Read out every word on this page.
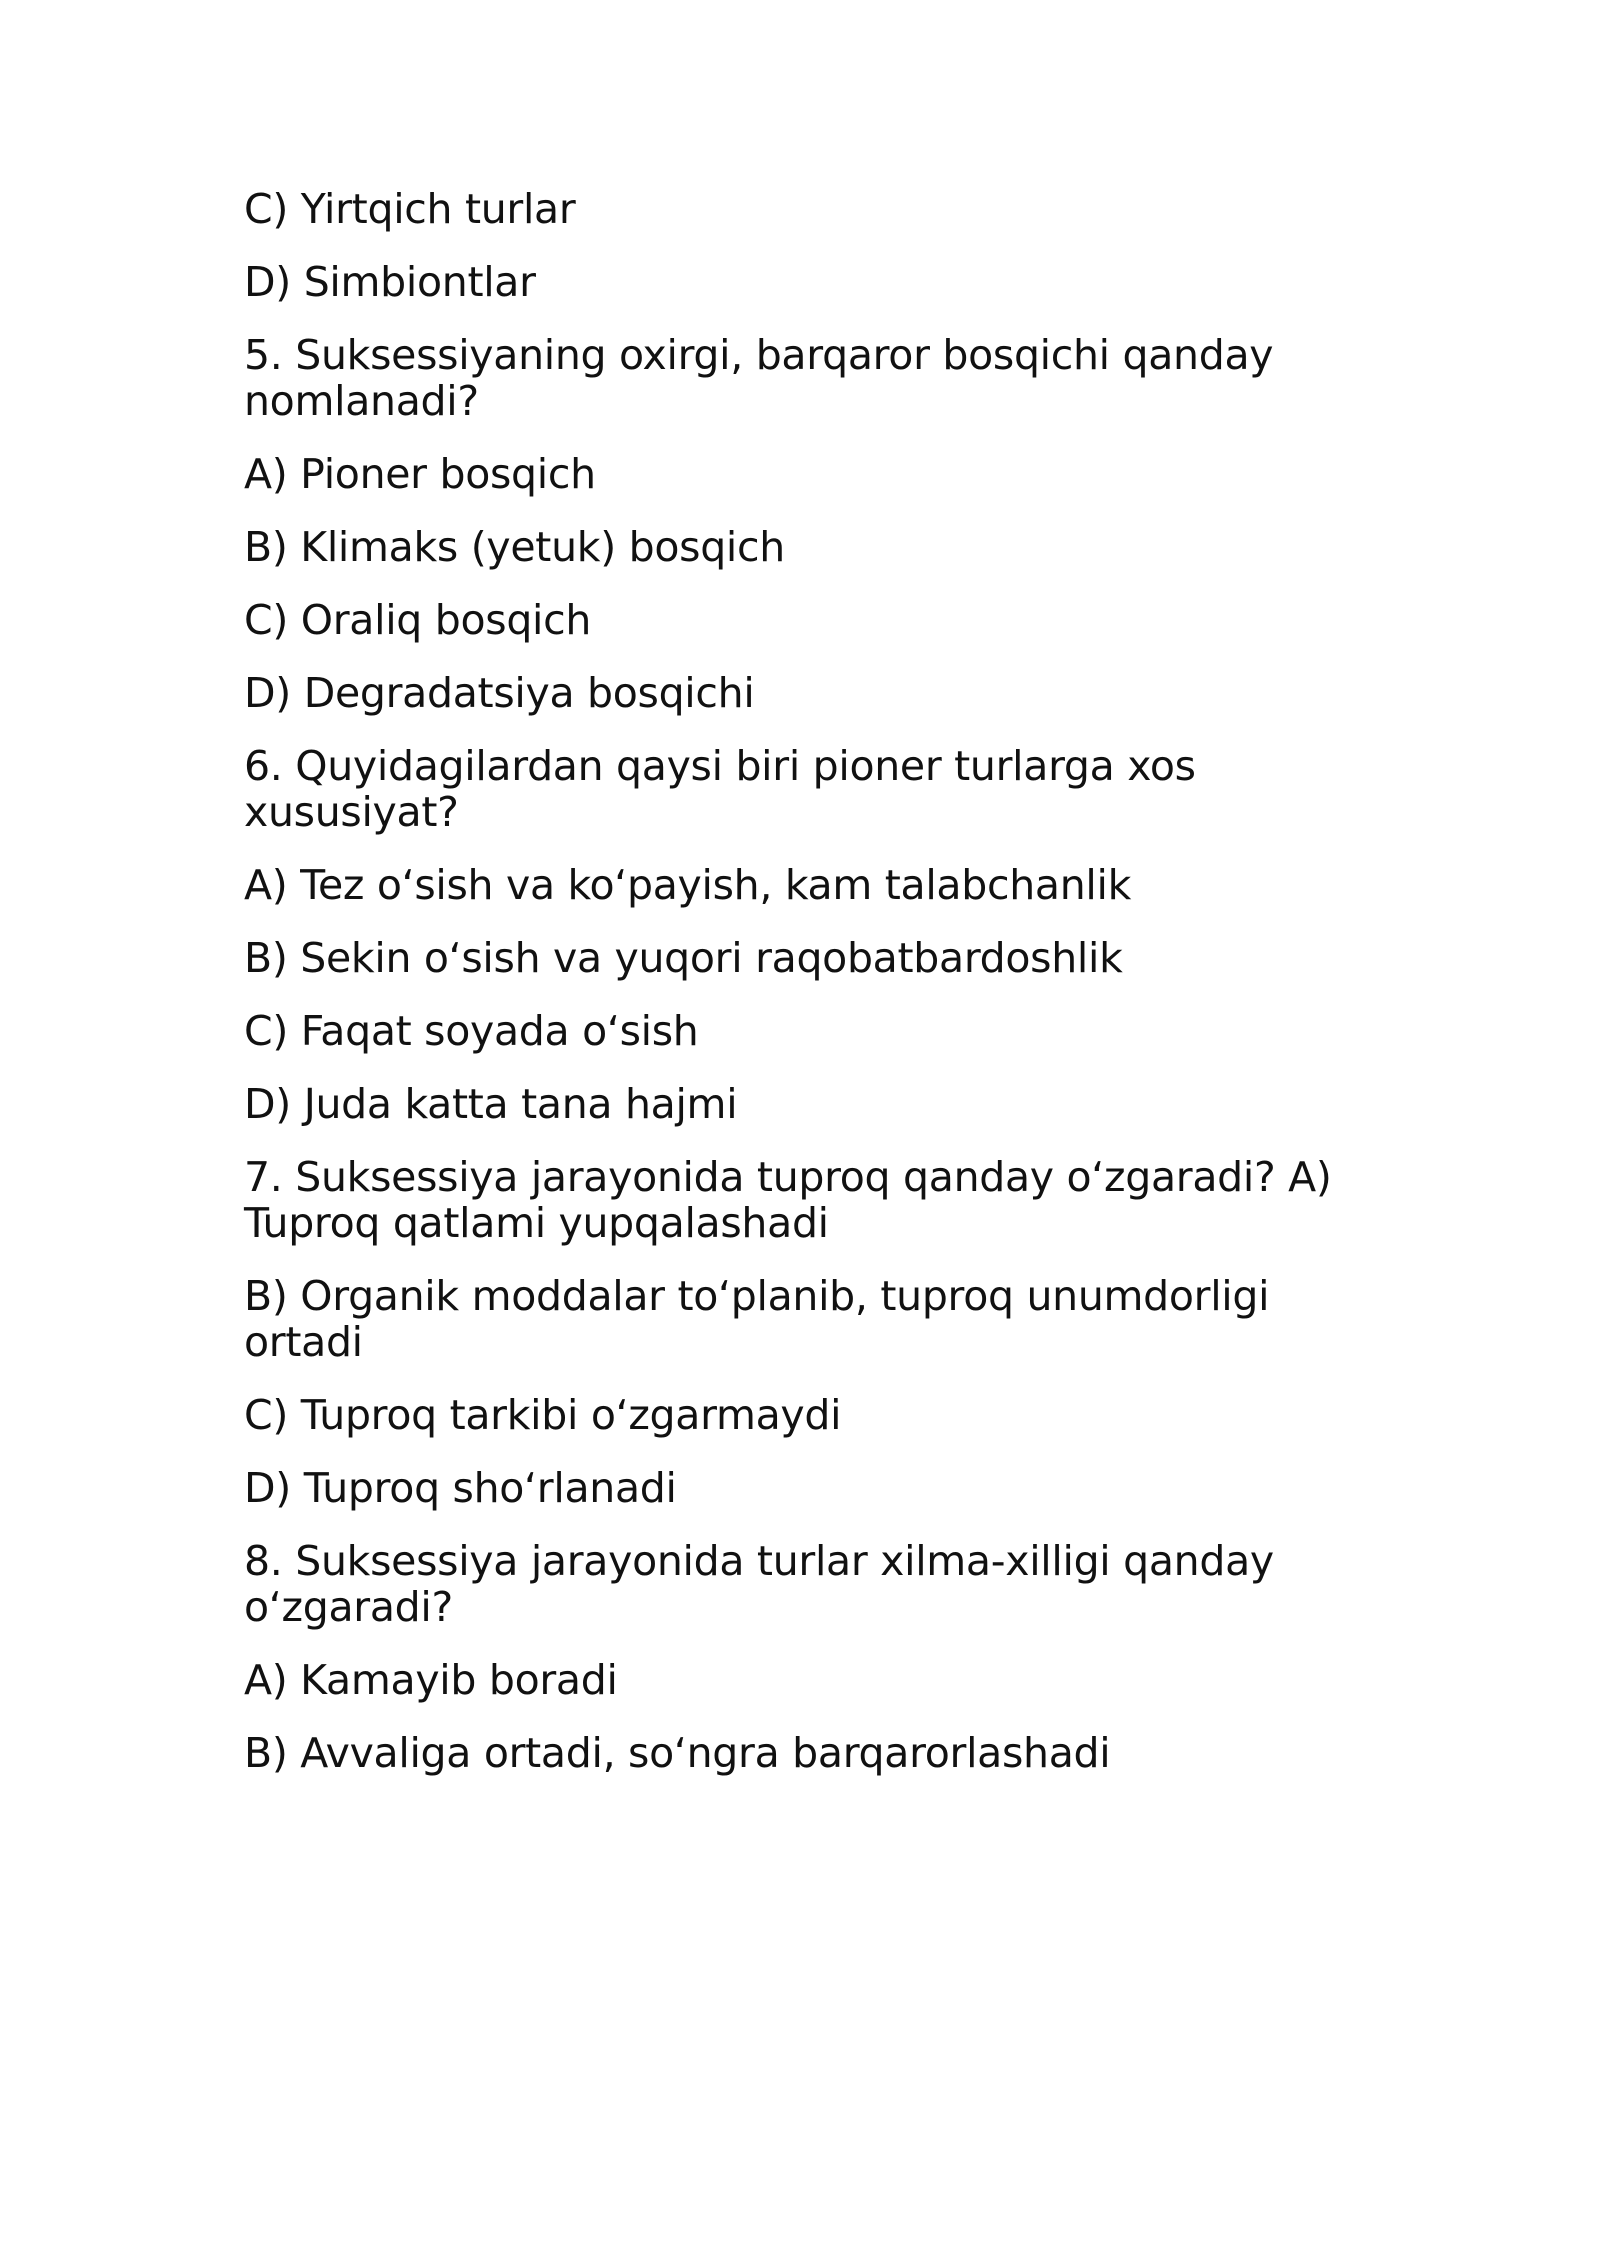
C) Yirtqich turlar
D) Simbiontlar
5. Suksessiyaning oxirgi, barqaror bosqichi qanday nomlanadi?
A) Pioner bosqich
B) Klimaks (yetuk) bosqich
C) Oraliq bosqich
D) Degradatsiya bosqichi
6. Quyidagilardan qaysi biri pioner turlarga xos xususiyat?
A) Tez o‘sish va ko‘payish, kam talabchanlik
B) Sekin o‘sish va yuqori raqobatbardoshlik
C) Faqat soyada o‘sish
D) Juda katta tana hajmi
7. Suksessiya jarayonida tuproq qanday o‘zgaradi? A) Tuproq qatlami yupqalashadi
B) Organik moddalar to‘planib, tuproq unumdorligi ortadi
C) Tuproq tarkibi o‘zgarmaydi
D) Tuproq sho‘rlanadi
8. Suksessiya jarayonida turlar xilma-xilligi qanday o‘zgaradi?
A) Kamayib boradi
B) Avvaliga ortadi, so‘ngra barqarorlashadi
